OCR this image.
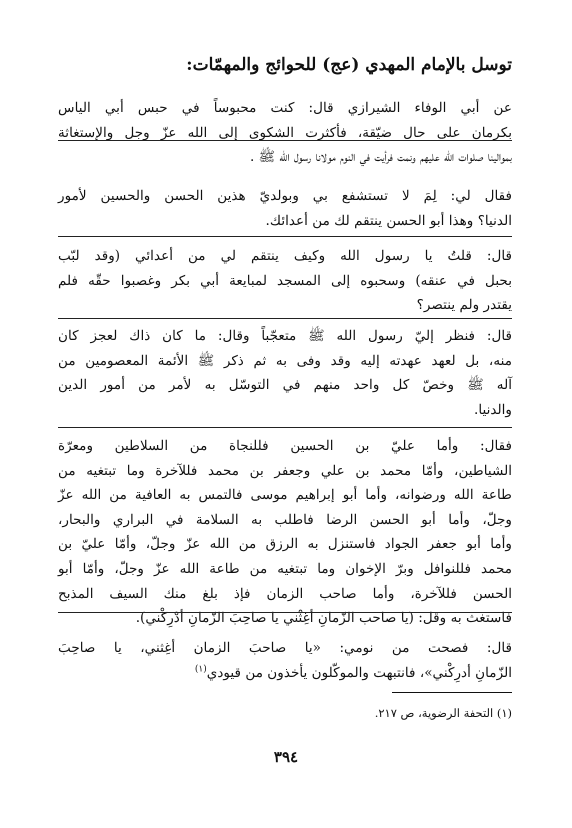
توسل بالإمام المهدي (عج) للحوائج والمهمّات:
عن أبي الوفاء الشيرازي قال: كنت محبوساً في حبس أبي الياس
بكرمان على حال ضيّقة، فأكثرت الشكوى إلى الله عزّ وجل والإستغاثة
بموالينا صلوات الله عليهم ونمت فرأيت في النوم مولانا رسول الله ﷺ .
فقال لي: لِمَ لا تستشفع بي وبولديّ هذين الحسن والحسين لأمور
الدنيا؟ وهذا أبو الحسن ينتقم لك من أعدائك.
قال: قلتُ يا رسول الله وكيف ينتقم لي من أعدائي (وقد لبّب
بحبل في عنقه) وسحبوه إلى المسجد لمبايعة أبي بكر وغصبوا حقّه فلم
يقتدر ولم ينتصر؟
قال: فنظر إليّ رسول الله ﷺ متعجّباً وقال: ما كان ذاك لعجز كان
منه، بل لعهد عهدته إليه وقد وفى به ثم ذكر ﷺ الأئمة المعصومين من
آله ﷺ وخصّ كل واحد منهم في التوسّل به لأمر من أمور الدين
والدنيا.
فقال: وأما عليّ بن الحسين فللنجاة من السلاطين ومعرّة
الشياطين، وأمّا محمد بن علي وجعفر بن محمد فللآخرة وما تبتغيه من
طاعة الله ورضوانه، وأما أبو إبراهيم موسى فالتمس به العافية من الله عزّ
وجلّ، وأما أبو الحسن الرضا فاطلب به السلامة في البراري والبحار،
وأما أبو جعفر الجواد فاستنزل به الرزق من الله عزّ وجلّ، وأمّا عليّ بن
محمد فللنوافل وبرّ الإخوان وما تبتغيه من طاعة الله عزّ وجلّ، وأمّا أبو
الحسن فللآخرة، وأما صاحب الزمان فإذ بلغ منك السيف المذبح
فاستغث به وقل: (يا صاحب الزّمانِ أغِثْني يا صاحِبَ الزّمانِ أدْرِكْني).
قال: فصحت من نومي: «يا صاحبَ الزمان أغِثني، يا صاحِبَ
الزّمانِ أدرِكْني»، فانتبهت والموكّلون يأخذون من قيودي$^{(١)}$
(١) التحفة الرضوية، ص ٢١٧.
٣٩٤
